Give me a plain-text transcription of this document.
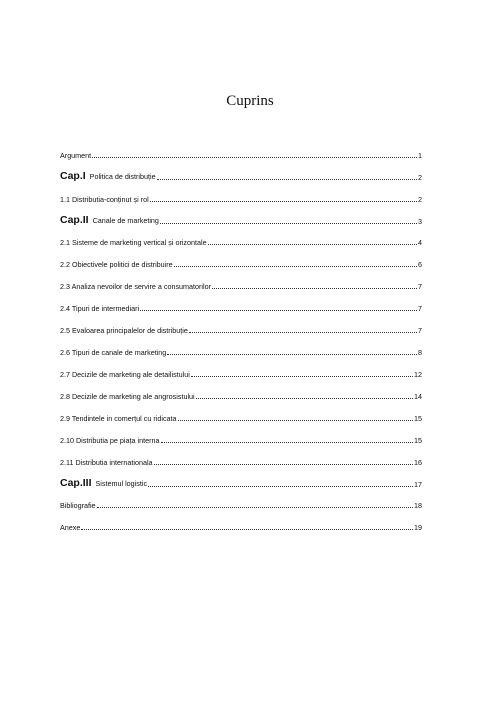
Cuprins
Argument	1
Cap.I Politica de distribuție	2
1.1 Distributia-conținut și rol	2
Cap.II Canale de marketing	3
2.1 Sisteme de marketing vertical și orizontale	4
2.2 Obiectivele politici de distribuire	6
2.3 Analiza nevoilor de servire a consumatorilor	7
2.4 Tipuri de intermediari	7
2.5 Evaloarea principalelor de distribuție	7
2.6 Tipuri de canale de marketing	8
2.7 Decizile de marketing ale detailistului	12
2.8 Decizile de marketing ale angrosistului	14
2.9 Tendintele in comerțul cu ridicata	15
2.10 Distributia pe piața interna	15
2.11 Distributia internationala	16
Cap.III Sistemul logistic	17
Bibliografie	18
Anexe	19
